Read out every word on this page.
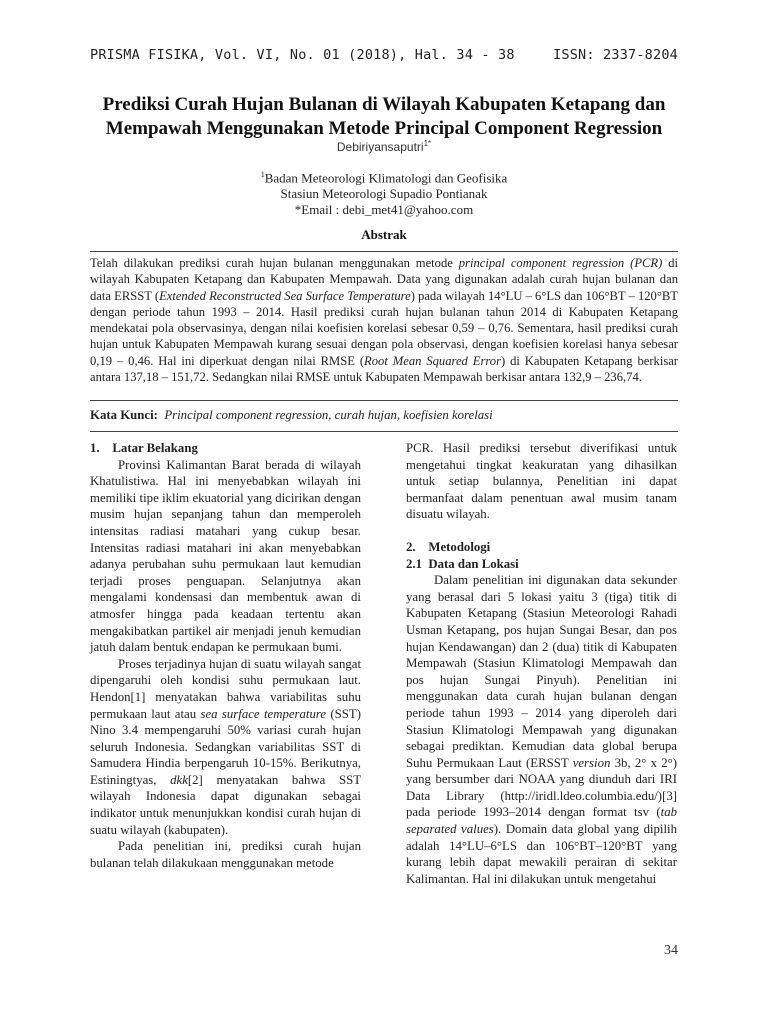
PRISMA FISIKA, Vol. VI, No. 01 (2018), Hal. 34 - 38	ISSN: 2337-8204
Prediksi Curah Hujan Bulanan di Wilayah Kabupaten Ketapang dan
Mempawah Menggunakan Metode Principal Component Regression
Debiriyansaputri$^{1*}$
$^1$Badan Meteorologi Klimatologi dan Geofisika
Stasiun Meteorologi Supadio Pontianak
*Email : debi_met41@yahoo.com
Abstrak
Telah dilakukan prediksi curah hujan bulanan menggunakan metode principal component regression (PCR) di wilayah Kabupaten Ketapang dan Kabupaten Mempawah. Data yang digunakan adalah curah hujan bulanan dan data ERSST (Extended Reconstructed Sea Surface Temperature) pada wilayah 14°LU – 6°LS dan 106°BT – 120°BT dengan periode tahun 1993 – 2014. Hasil prediksi curah hujan bulanan tahun 2014 di Kabupaten Ketapang mendekatai pola observasinya, dengan nilai koefisien korelasi sebesar 0,59 – 0,76. Sementara, hasil prediksi curah hujan untuk Kabupaten Mempawah kurang sesuai dengan pola observasi, dengan koefisien korelasi hanya sebesar 0,19 – 0,46. Hal ini diperkuat dengan nilai RMSE (Root Mean Squared Error) di Kabupaten Ketapang berkisar antara 137,18 – 151,72. Sedangkan nilai RMSE untuk Kabupaten Mempawah berkisar antara 132,9 – 236,74.
Kata Kunci: Principal component regression, curah hujan, koefisien korelasi

1.    Latar Belakang

Provinsi Kalimantan Barat berada di wilayah Khatulistiwa. Hal ini menyebabkan wilayah ini memiliki tipe iklim ekuatorial yang dicirikan dengan musim hujan sepanjang tahun dan memperoleh intensitas radiasi matahari yang cukup besar. Intensitas radiasi matahari ini akan menyebabkan adanya perubahan suhu permukaan laut kemudian terjadi proses penguapan. Selanjutnya akan mengalami kondensasi dan membentuk awan di atmosfer hingga pada keadaan tertentu akan mengakibatkan partikel air menjadi jenuh kemudian jatuh dalam bentuk endapan ke permukaan bumi.

Proses terjadinya hujan di suatu wilayah sangat dipengaruhi oleh kondisi suhu permukaan laut. Hendon[1] menyatakan bahwa variabilitas suhu permukaan laut atau sea surface temperature (SST) Nino 3.4 mempengaruhi 50% variasi curah hujan seluruh Indonesia. Sedangkan variabilitas SST di Samudera Hindia berpengaruh 10-15%. Berikutnya, Estiningtyas, dkk[2] menyatakan bahwa SST wilayah Indonesia dapat digunakan sebagai indikator untuk menunjukkan kondisi curah hujan di suatu wilayah (kabupaten).

Pada penelitian ini, prediksi curah hujan bulanan telah dilakukaan menggunakan metode

PCR. Hasil prediksi tersebut diverifikasi untuk mengetahui tingkat keakuratan yang dihasilkan untuk setiap bulannya, Penelitian ini dapat bermanfaat dalam penentuan awal musim tanam disuatu wilayah.

2.    Metodologi

2.1  Data dan Lokasi

Dalam penelitian ini digunakan data sekunder yang berasal dari 5 lokasi yaitu 3 (tiga) titik di Kabupaten Ketapang (Stasiun Meteorologi Rahadi Usman Ketapang, pos hujan Sungai Besar, dan pos hujan Kendawangan) dan 2 (dua) titik di Kabupaten Mempawah (Stasiun Klimatologi Mempawah dan pos hujan Sungai Pinyuh). Penelitian ini menggunakan data curah hujan bulanan dengan periode tahun 1993 – 2014 yang diperoleh dari Stasiun Klimatologi Mempawah yang digunakan sebagai prediktan. Kemudian data global berupa Suhu Permukaan Laut (ERSST version 3b, 2° x 2°) yang bersumber dari NOAA yang diunduh dari IRI Data Library (http://iridl.ldeo.columbia.edu/)[3] pada periode 1993–2014 dengan format tsv (tab separated values). Domain data global yang dipilih adalah 14°LU–6°LS dan 106°BT–120°BT yang kurang lebih dapat mewakili perairan di sekitar Kalimantan. Hal ini dilakukan untuk mengetahui

34
